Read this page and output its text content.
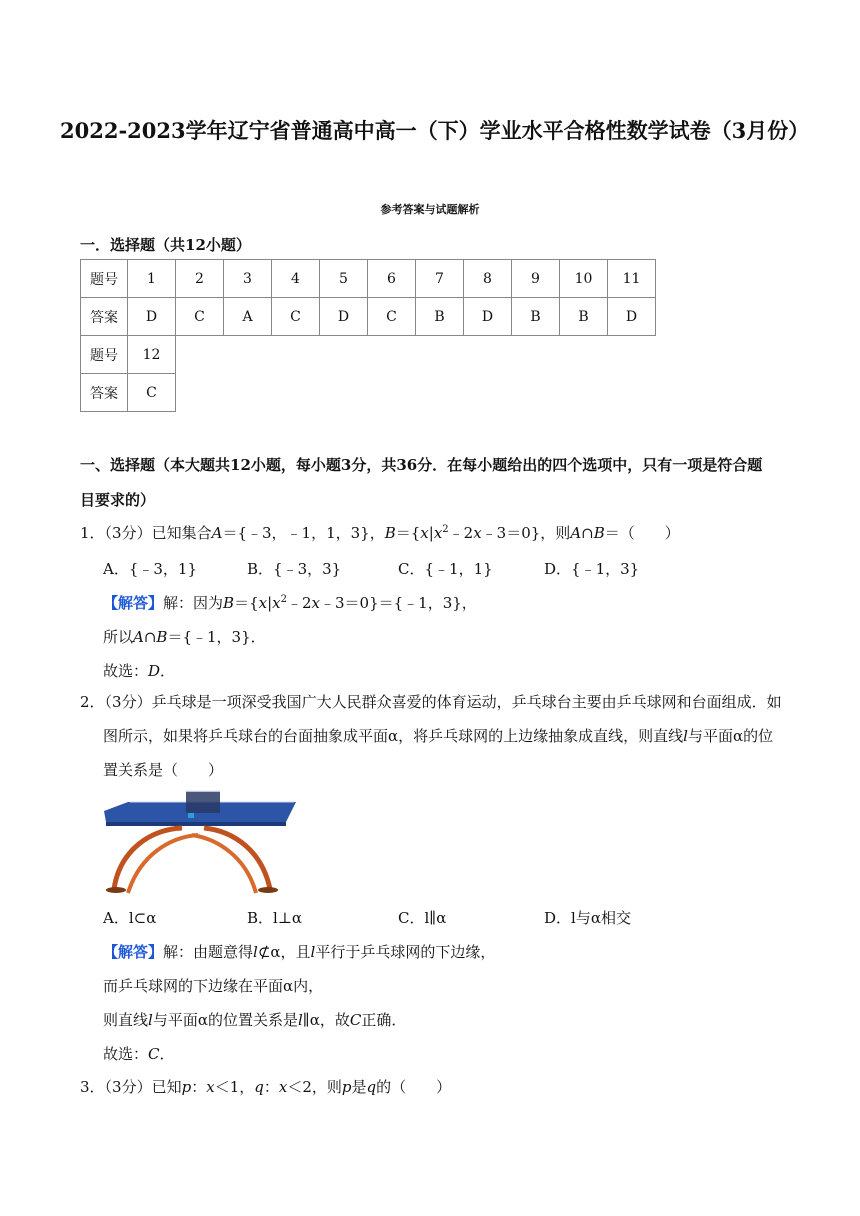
2022-2023学年辽宁省普通高中高一（下）学业水平合格性数学试卷（3月份）
参考答案与试题解析
一．选择题（共12小题）
题号	1	2	3	4	5	6	7	8	9	10	11
答案	D	C	A	C	D	C	B	D	B	B	D
题号	12										
答案	C										
一、选择题（本大题共12小题，每小题3分，共36分．在每小题给出的四个选项中，只有一项是符合题
目要求的）
1．（3分）已知集合A＝{﹣3，﹣1，1，3}，$B=\{x|x^2﹣2x﹣3=0\}$，则A∩B＝（　　）
A．{﹣3，1}	B．{﹣3，3}	C．{﹣1，1}	D．{﹣1，3}
【解答】解：因为$B=\{x|x^2﹣2x﹣3=0\}=\{﹣1$，3}，
所以A∩B＝{﹣1，3}．
故选：D．
2．（3分）乒乓球是一项深受我国广大人民群众喜爱的体育运动，乒乓球台主要由乒乓球网和台面组成．如
图所示，如果将乒乓球台的台面抽象成平面α，将乒乓球网的上边缘抽象成直线，则直线l与平面α的位
置关系是（　　）
A．l⊂α	B．l⊥α	C．l∥α	D．l与α相交
【解答】解：由题意得l⊄α，且l平行于乒乓球网的下边缘，
而乒乓球网的下边缘在平面α内，
则直线l与平面α的位置关系是l∥α，故C正确．
故选：C．
3．（3分）已知p：x＜1，q：x＜2，则p是q的（　　）
